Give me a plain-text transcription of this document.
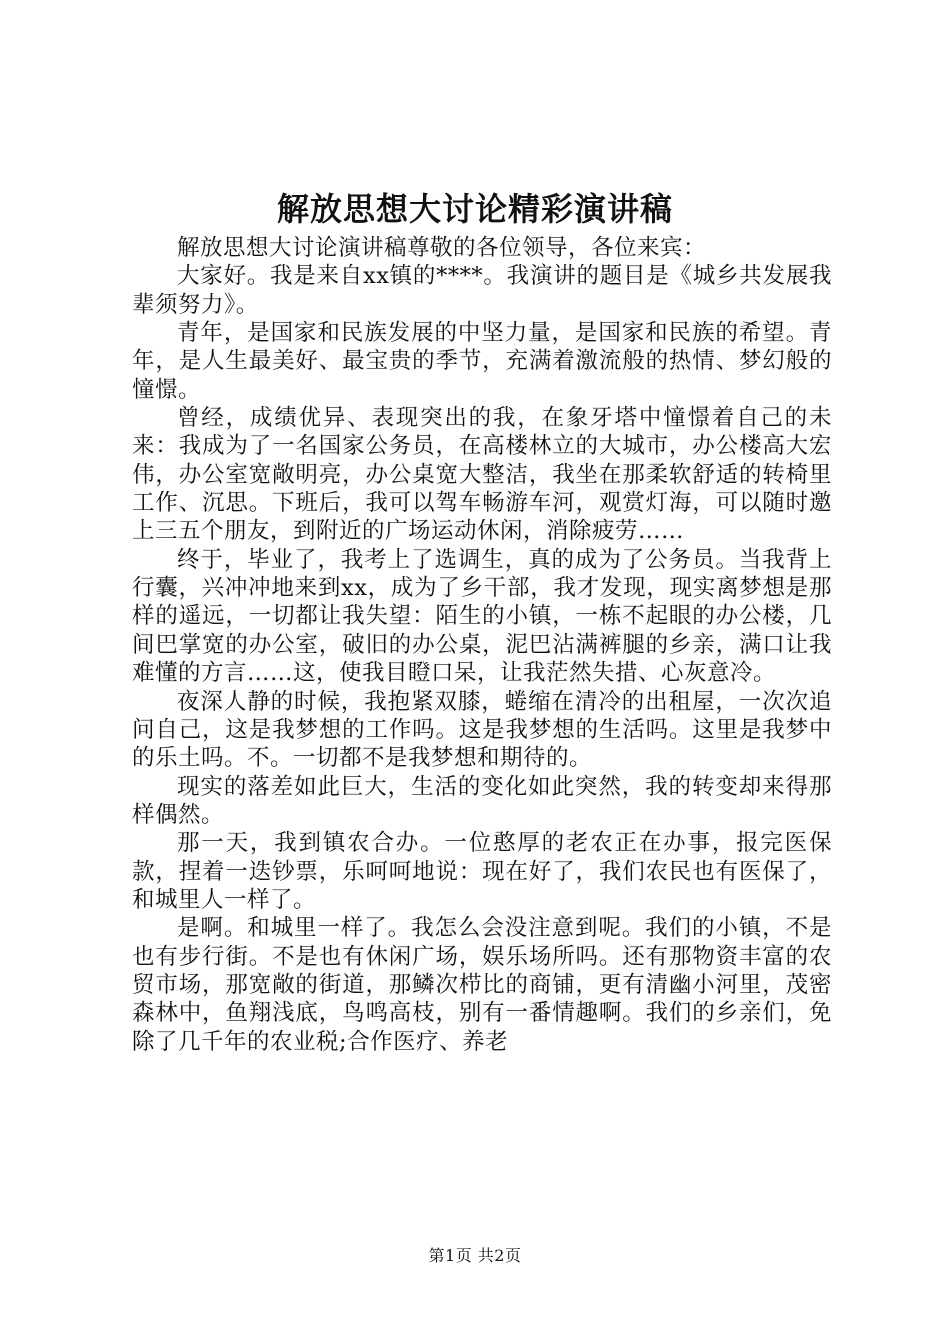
解放思想大讨论精彩演讲稿

解放思想大讨论演讲稿尊敬的各位领导，各位来宾：

大家好。我是来自xx镇的****。我演讲的题目是《城乡共发展我辈须努力》。

青年，是国家和民族发展的中坚力量，是国家和民族的希望。青年，是人生最美好、最宝贵的季节，充满着激流般的热情、梦幻般的憧憬。

曾经，成绩优异、表现突出的我，在象牙塔中憧憬着自己的未来：我成为了一名国家公务员，在高楼林立的大城市，办公楼高大宏伟，办公室宽敞明亮，办公桌宽大整洁，我坐在那柔软舒适的转椅里工作、沉思。下班后，我可以驾车畅游车河，观赏灯海，可以随时邀上三五个朋友，到附近的广场运动休闲，消除疲劳……

终于，毕业了，我考上了选调生，真的成为了公务员。当我背上行囊，兴冲冲地来到xx，成为了乡干部，我才发现，现实离梦想是那样的遥远，一切都让我失望：陌生的小镇，一栋不起眼的办公楼，几间巴掌宽的办公室，破旧的办公桌，泥巴沾满裤腿的乡亲，满口让我难懂的方言……这，使我目瞪口呆，让我茫然失措、心灰意冷。

夜深人静的时候，我抱紧双膝，蜷缩在清冷的出租屋，一次次追问自己，这是我梦想的工作吗。这是我梦想的生活吗。这里是我梦中的乐土吗。不。一切都不是我梦想和期待的。

现实的落差如此巨大，生活的变化如此突然，我的转变却来得那样偶然。

那一天，我到镇农合办。一位憨厚的老农正在办事，报完医保款，捏着一迭钞票，乐呵呵地说：现在好了，我们农民也有医保了，和城里人一样了。

是啊。和城里一样了。我怎么会没注意到呢。我们的小镇，不是也有步行街。不是也有休闲广场，娱乐场所吗。还有那物资丰富的农贸市场，那宽敞的街道，那鳞次栉比的商铺，更有清幽小河里，茂密森林中，鱼翔浅底，鸟鸣高枝，别有一番情趣啊。我们的乡亲们，免除了几千年的农业税;合作医疗、养老

第1页 共2页
